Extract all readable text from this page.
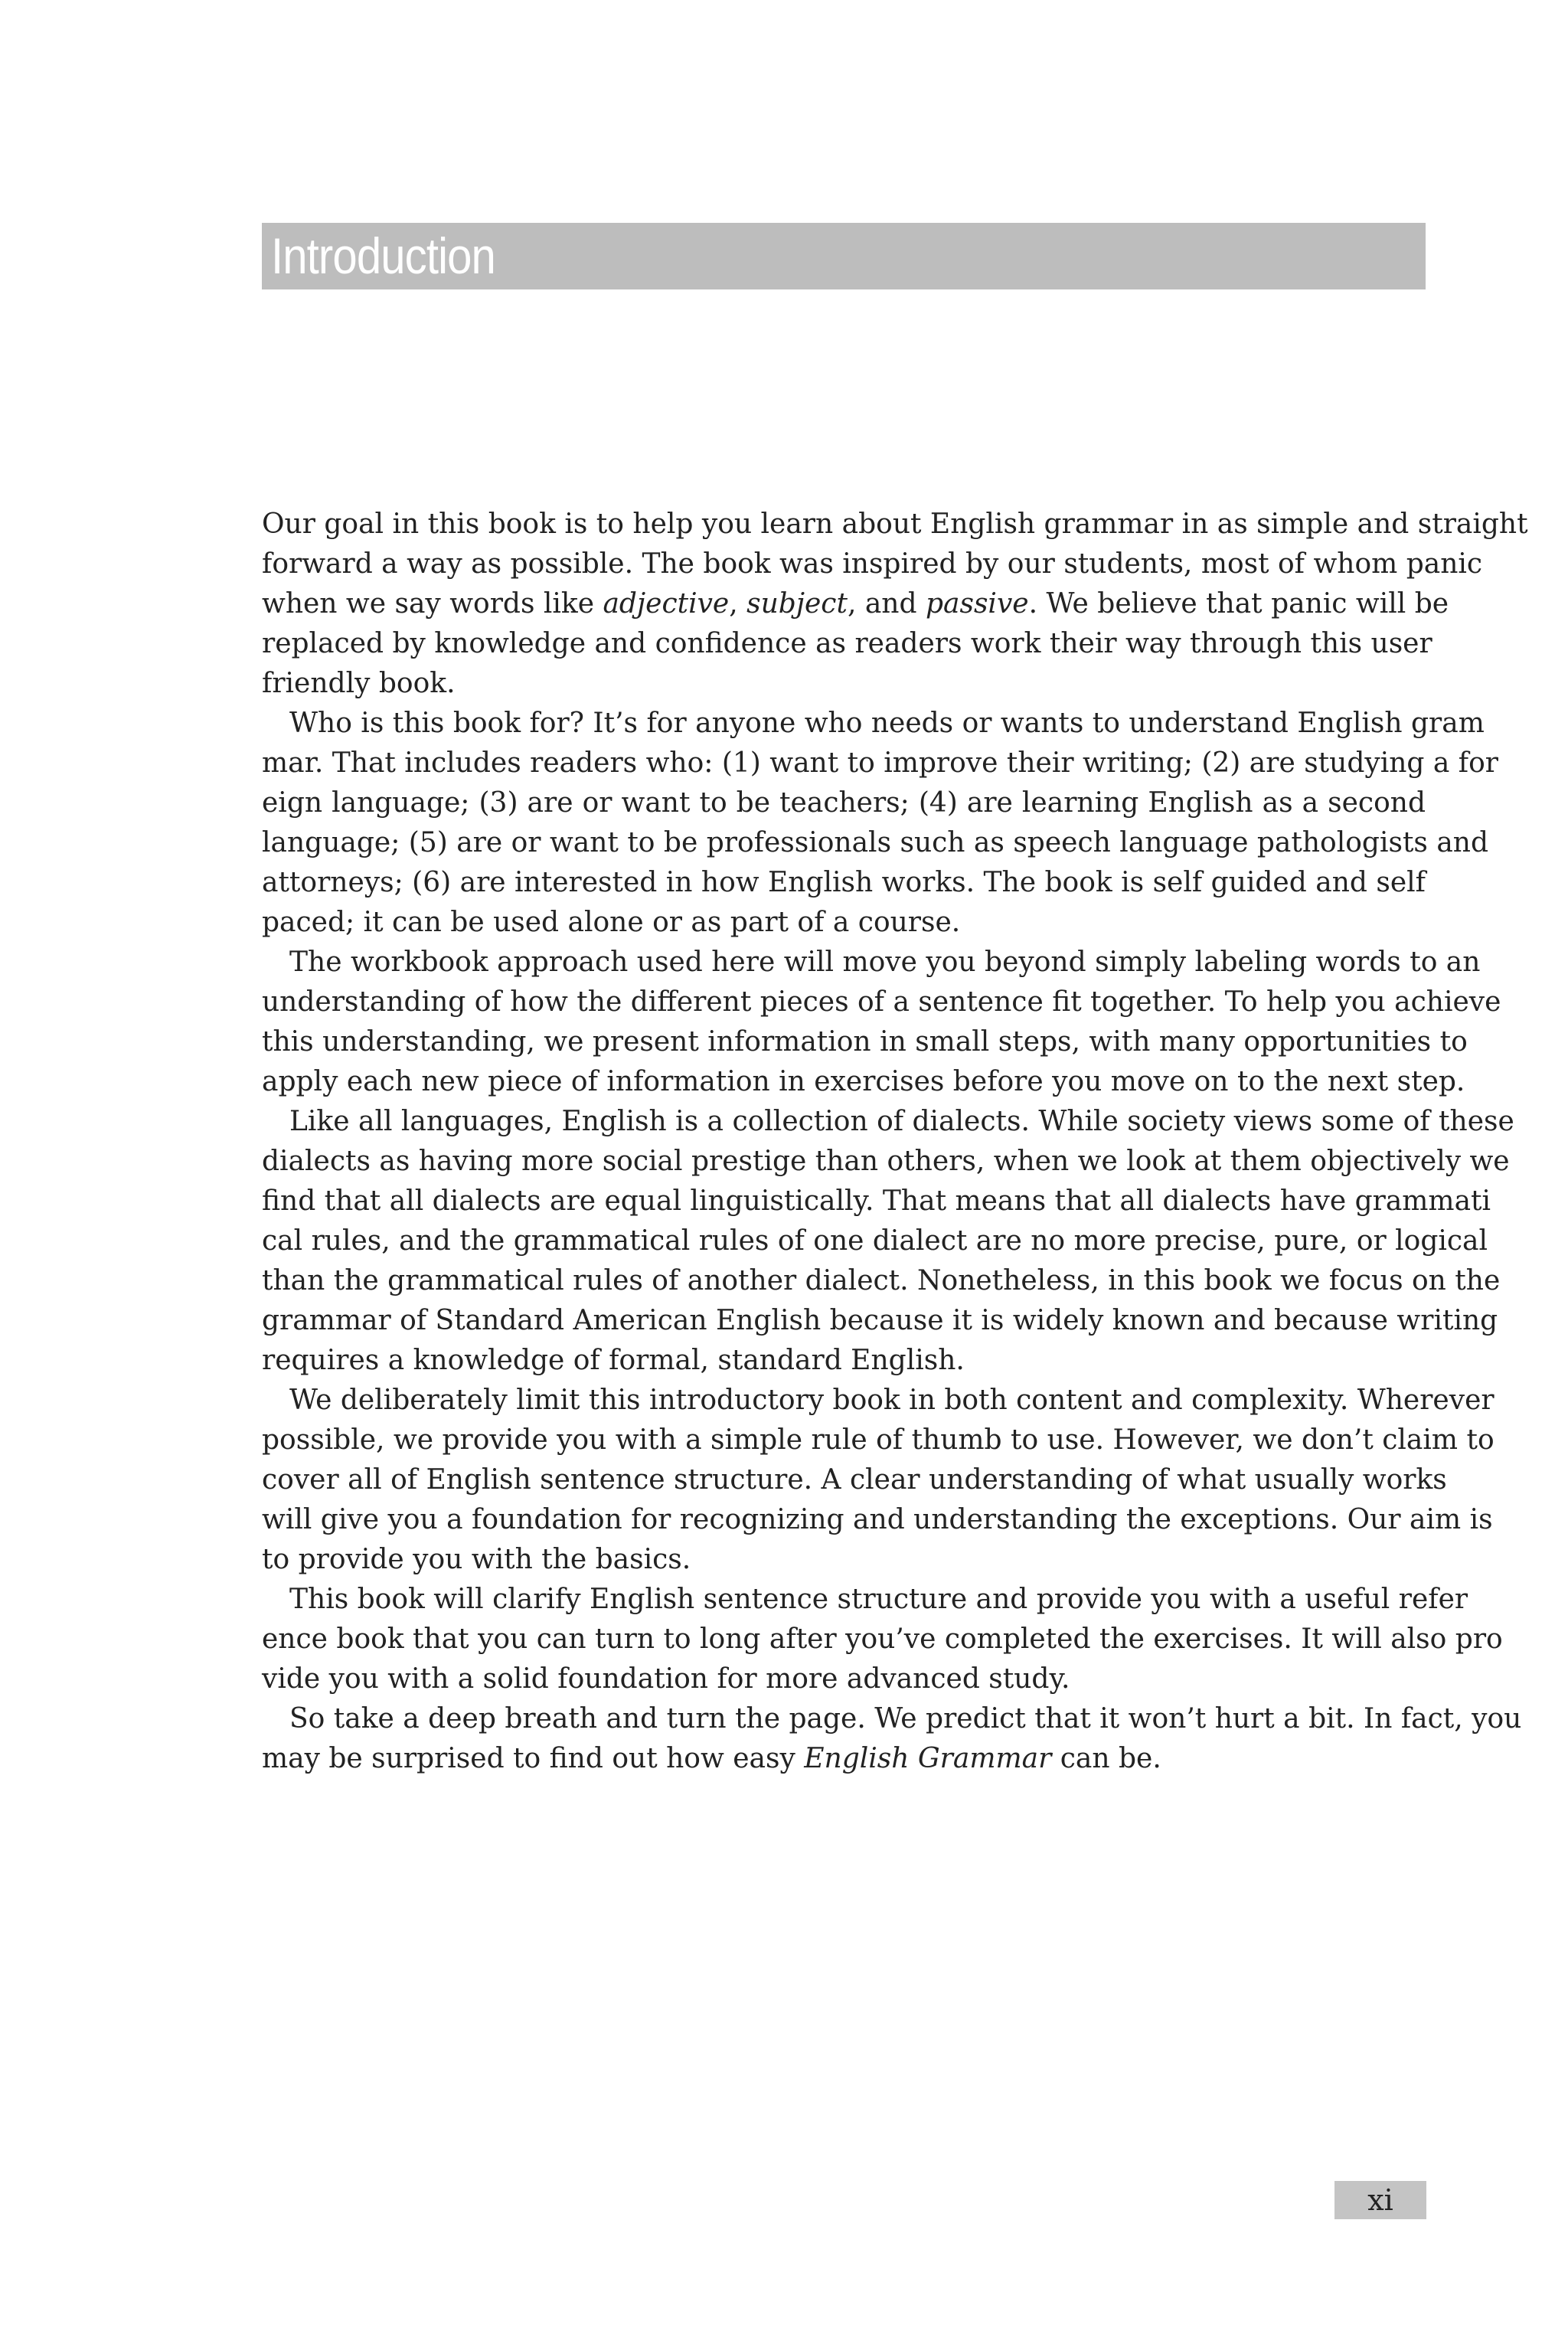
Introduction
Our goal in this book is to help you learn about English grammar in as simple and straight
forward a way as possible. The book was inspired by our students, most of whom panic
when we say words like adjective, subject, and passive. We believe that panic will be
replaced by knowledge and confidence as readers work their way through this user
friendly book.
Who is this book for? It’s for anyone who needs or wants to understand English gram
mar. That includes readers who: (1) want to improve their writing; (2) are studying a for
eign language; (3) are or want to be teachers; (4) are learning English as a second
language; (5) are or want to be professionals such as speech language pathologists and
attorneys; (6) are interested in how English works. The book is self guided and self
paced; it can be used alone or as part of a course.
The workbook approach used here will move you beyond simply labeling words to an
understanding of how the different pieces of a sentence fit together. To help you achieve
this understanding, we present information in small steps, with many opportunities to
apply each new piece of information in exercises before you move on to the next step.
Like all languages, English is a collection of dialects. While society views some of these
dialects as having more social prestige than others, when we look at them objectively we
find that all dialects are equal linguistically. That means that all dialects have grammati
cal rules, and the grammatical rules of one dialect are no more precise, pure, or logical
than the grammatical rules of another dialect. Nonetheless, in this book we focus on the
grammar of Standard American English because it is widely known and because writing
requires a knowledge of formal, standard English.
We deliberately limit this introductory book in both content and complexity. Wherever
possible, we provide you with a simple rule of thumb to use. However, we don’t claim to
cover all of English sentence structure. A clear understanding of what usually works
will give you a foundation for recognizing and understanding the exceptions. Our aim is
to provide you with the basics.
This book will clarify English sentence structure and provide you with a useful refer
ence book that you can turn to long after you’ve completed the exercises. It will also pro
vide you with a solid foundation for more advanced study.
So take a deep breath and turn the page. We predict that it won’t hurt a bit. In fact, you
may be surprised to find out how easy English Grammar can be.
xi
